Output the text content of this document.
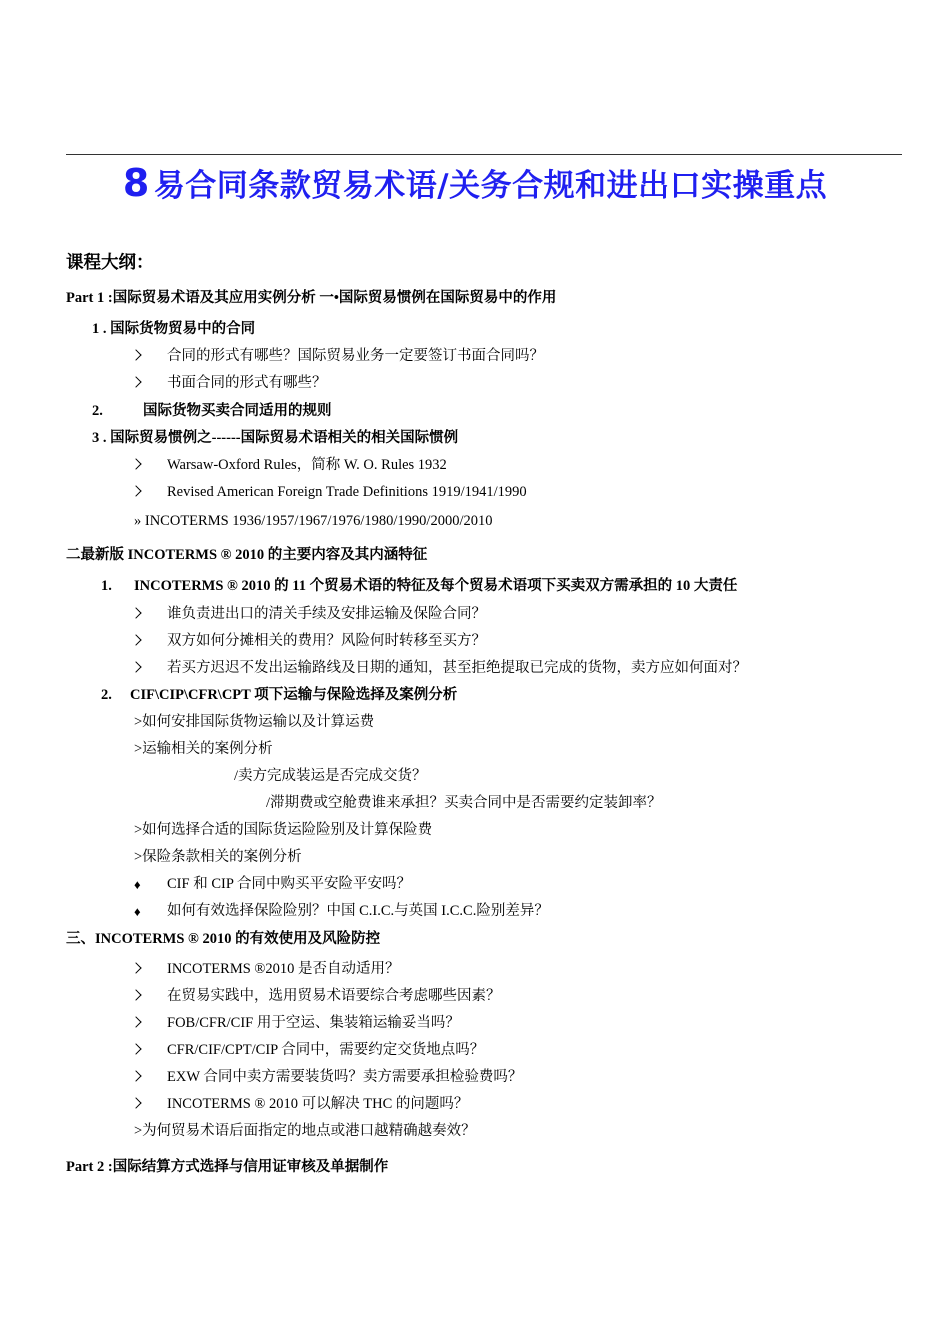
8 易合同条款贸易术语/关务合规和进出口实操重点
课程大纲：
Part 1 :国际贸易术语及其应用实例分析 一•国际贸易惯例在国际贸易中的作用
1 . 国际货物贸易中的合同
合同的形式有哪些？国际贸易业务一定要签订书面合同吗？
书面合同的形式有哪些？
2.	国际货物买卖合同适用的规则
3 . 国际贸易惯例之------国际贸易术语相关的相关国际惯例
Warsaw-Oxford Rules，简称 W. O. Rules 1932
Revised American Foreign Trade Definitions 1919/1941/1990
» INCOTERMS 1936/1957/1967/1976/1980/1990/2000/2010
二最新版 INCOTERMS ® 2010 的主要内容及其内涵特征
1. INCOTERMS ® 2010 的 11 个贸易术语的特征及每个贸易术语项下买卖双方需承担的 10 大责任
谁负责进出口的清关手续及安排运输及保险合同？
双方如何分摊相关的费用？风险何时转移至买方？
若买方迟迟不发出运输路线及日期的通知，甚至拒绝提取已完成的货物，卖方应如何面对？
2. CIF\CIP\CFR\CPT 项下运输与保险选择及案例分析
>如何安排国际货物运输以及计算运费
>运输相关的案例分析
/卖方完成装运是否完成交货？
/滞期费或空舱费谁来承担？买卖合同中是否需要约定装卸率？
>如何选择合适的国际货运险险别及计算保险费
>保险条款相关的案例分析
♦ CIF 和 CIP 合同中购买平安险平安吗？
♦ 如何有效选择保险险别？中国 C.I.C.与英国 I.C.C.险别差异？
三、INCOTERMS ® 2010 的有效使用及风险防控
INCOTERMS ®2010 是否自动适用？
在贸易实践中，选用贸易术语要综合考虑哪些因素？
FOB/CFR/CIF 用于空运、集装箱运输妥当吗？
CFR/CIF/CPT/CIP 合同中，需要约定交货地点吗？
EXW 合同中卖方需要装货吗？卖方需要承担检验费吗？
INCOTERMS ® 2010 可以解决 THC 的问题吗？
>为何贸易术语后面指定的地点或港口越精确越奏效？
Part 2 :国际结算方式选择与信用证审核及单据制作
